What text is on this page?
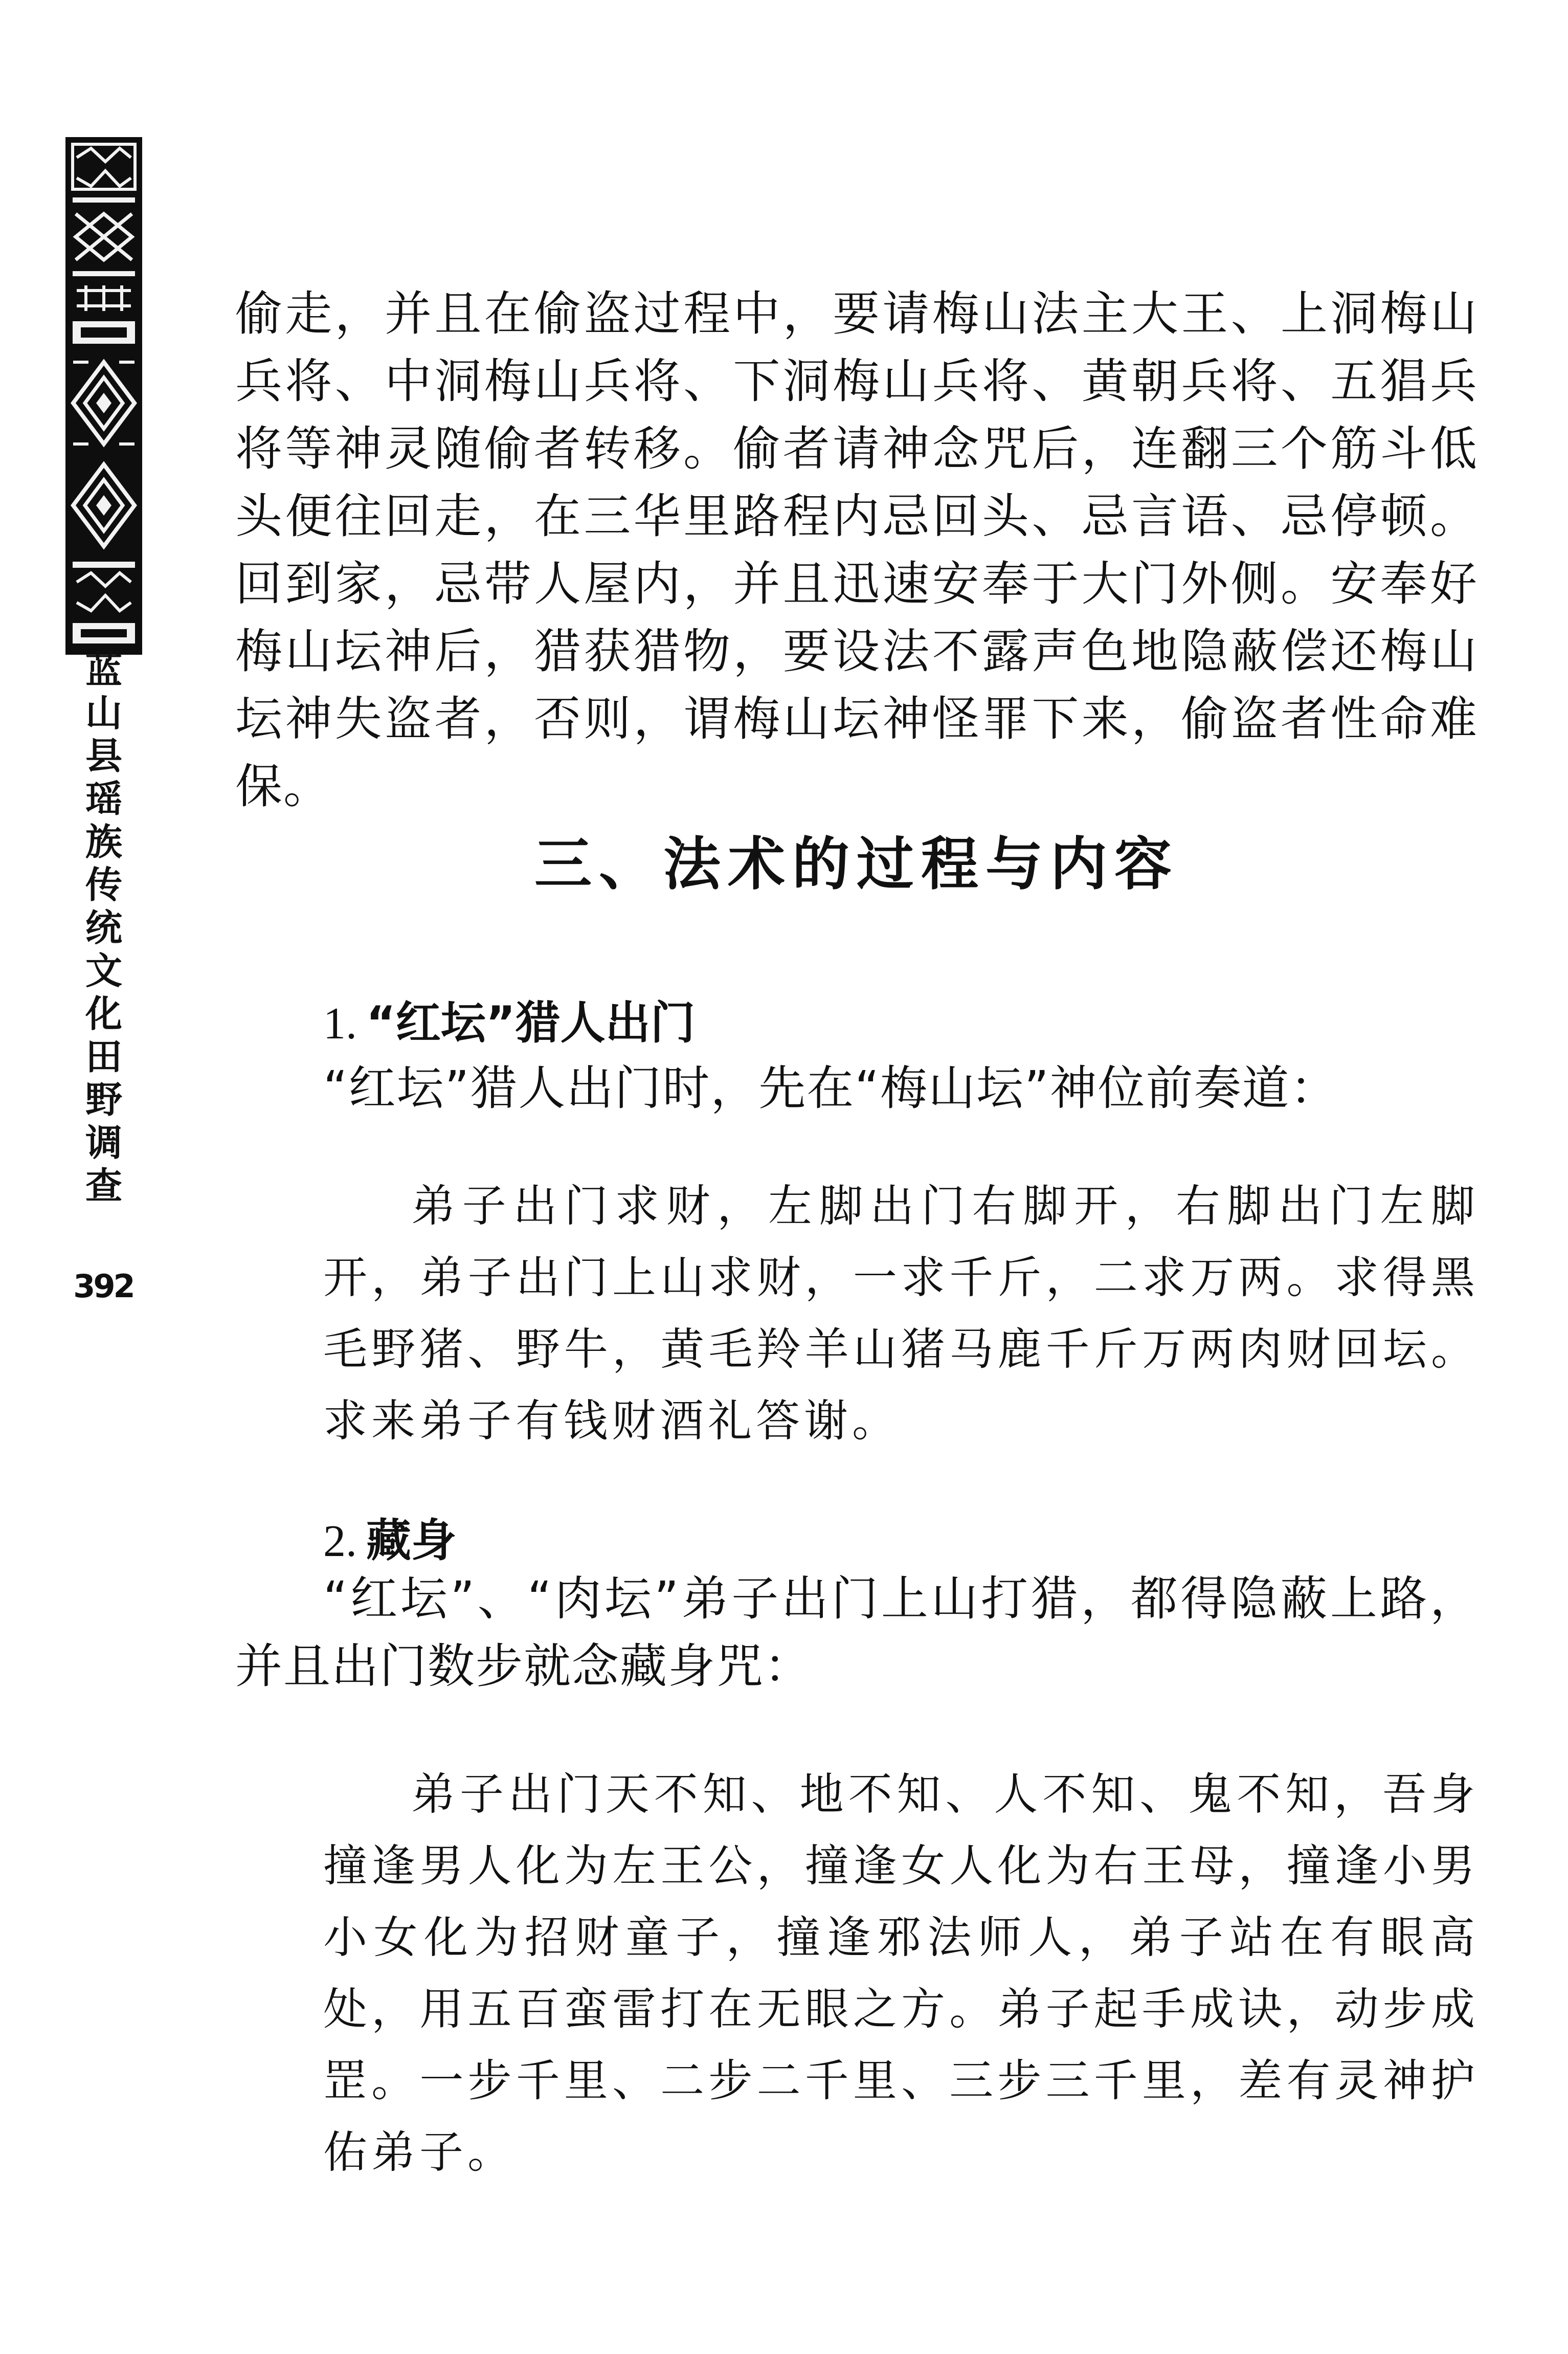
蓝山县瑶族传统文化田野调查
392

偷走，并且在偷盗过程中，要请梅山法主大王、上洞梅山兵将、中洞梅山兵将、下洞梅山兵将、黄朝兵将、五猖兵将等神灵随偷者转移。偷者请神念咒后，连翻三个筋斗低头便往回走，在三华里路程内忌回头、忌言语、忌停顿。回到家，忌带人屋内，并且迅速安奉于大门外侧。安奉好梅山坛神后，猎获猎物，要设法不露声色地隐蔽偿还梅山坛神失盗者，否则，谓梅山坛神怪罪下来，偷盗者性命难保。

三、法术的过程与内容
1. “红坛”猎人出门

“红坛”猎人出门时，先在“梅山坛”神位前奏道：

弟子出门求财，左脚出门右脚开，右脚出门左脚开，弟子出门上山求财，一求千斤，二求万两。求得黑毛野猪、野牛，黄毛羚羊山猪马鹿千斤万两肉财回坛。求来弟子有钱财酒礼答谢。

2. 藏身

“红坛”、“肉坛”弟子出门上山打猎，都得隐蔽上路，并且出门数步就念藏身咒：

弟子出门天不知、地不知、人不知、鬼不知，吾身撞逢男人化为左王公，撞逢女人化为右王母，撞逢小男小女化为招财童子，撞逢邪法师人，弟子站在有眼高处，用五百蛮雷打在无眼之方。弟子起手成诀，动步成罡。一步千里、二步二千里、三步三千里，差有灵神护佑弟子。
